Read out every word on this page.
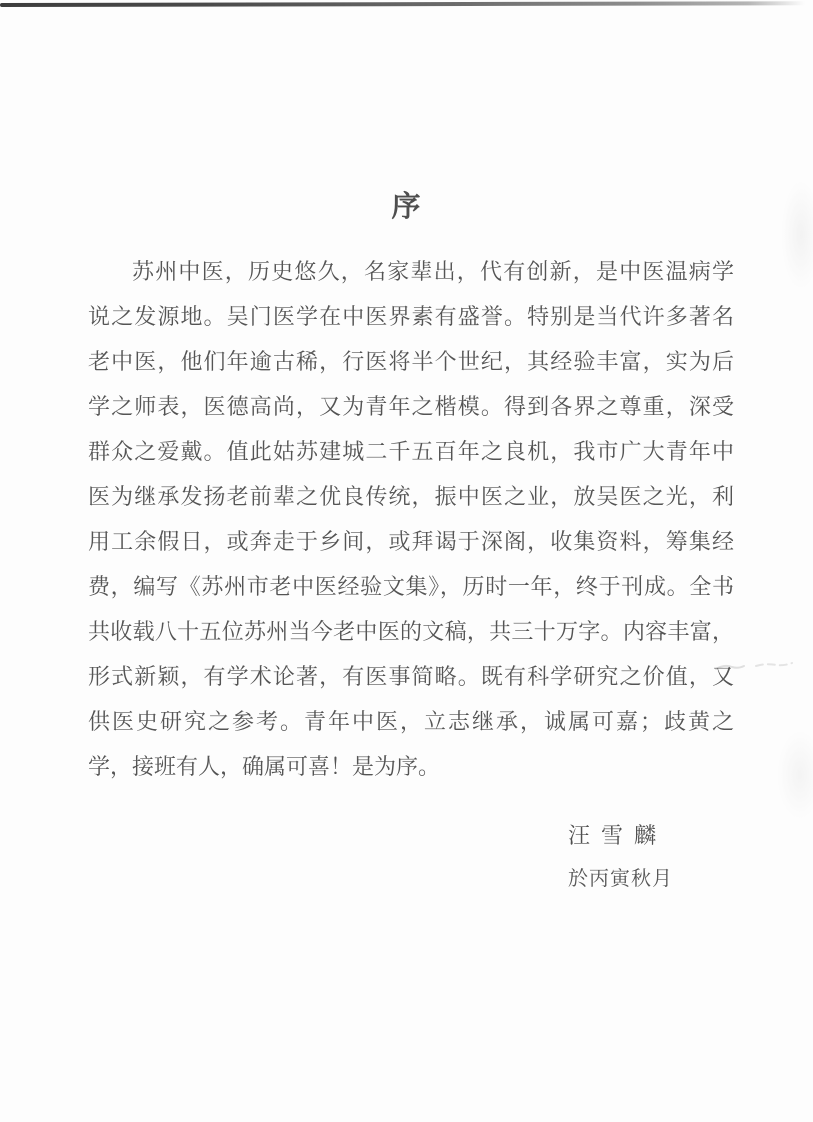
序
苏州中医，历史悠久，名家辈出，代有创新，是中医温病学
说之发源地。吴门医学在中医界素有盛誉。特别是当代许多著名
老中医，他们年逾古稀，行医将半个世纪，其经验丰富，实为后
学之师表，医德高尚，又为青年之楷模。得到各界之尊重，深受
群众之爱戴。值此姑苏建城二千五百年之良机，我市广大青年中
医为继承发扬老前辈之优良传统，振中医之业，放吴医之光，利
用工余假日，或奔走于乡间，或拜谒于深阁，收集资料，筹集经
费，编写《苏州市老中医经验文集》，历时一年，终于刊成。全书
共收载八十五位苏州当今老中医的文稿，共三十万字。内容丰富，
形式新颖，有学术论著，有医事简略。既有科学研究之价值，又
供医史研究之参考。青年中医，立志继承，诚属可嘉；歧黄之
学，接班有人，确属可喜！是为序。
汪 雪 麟
於丙寅秋月
